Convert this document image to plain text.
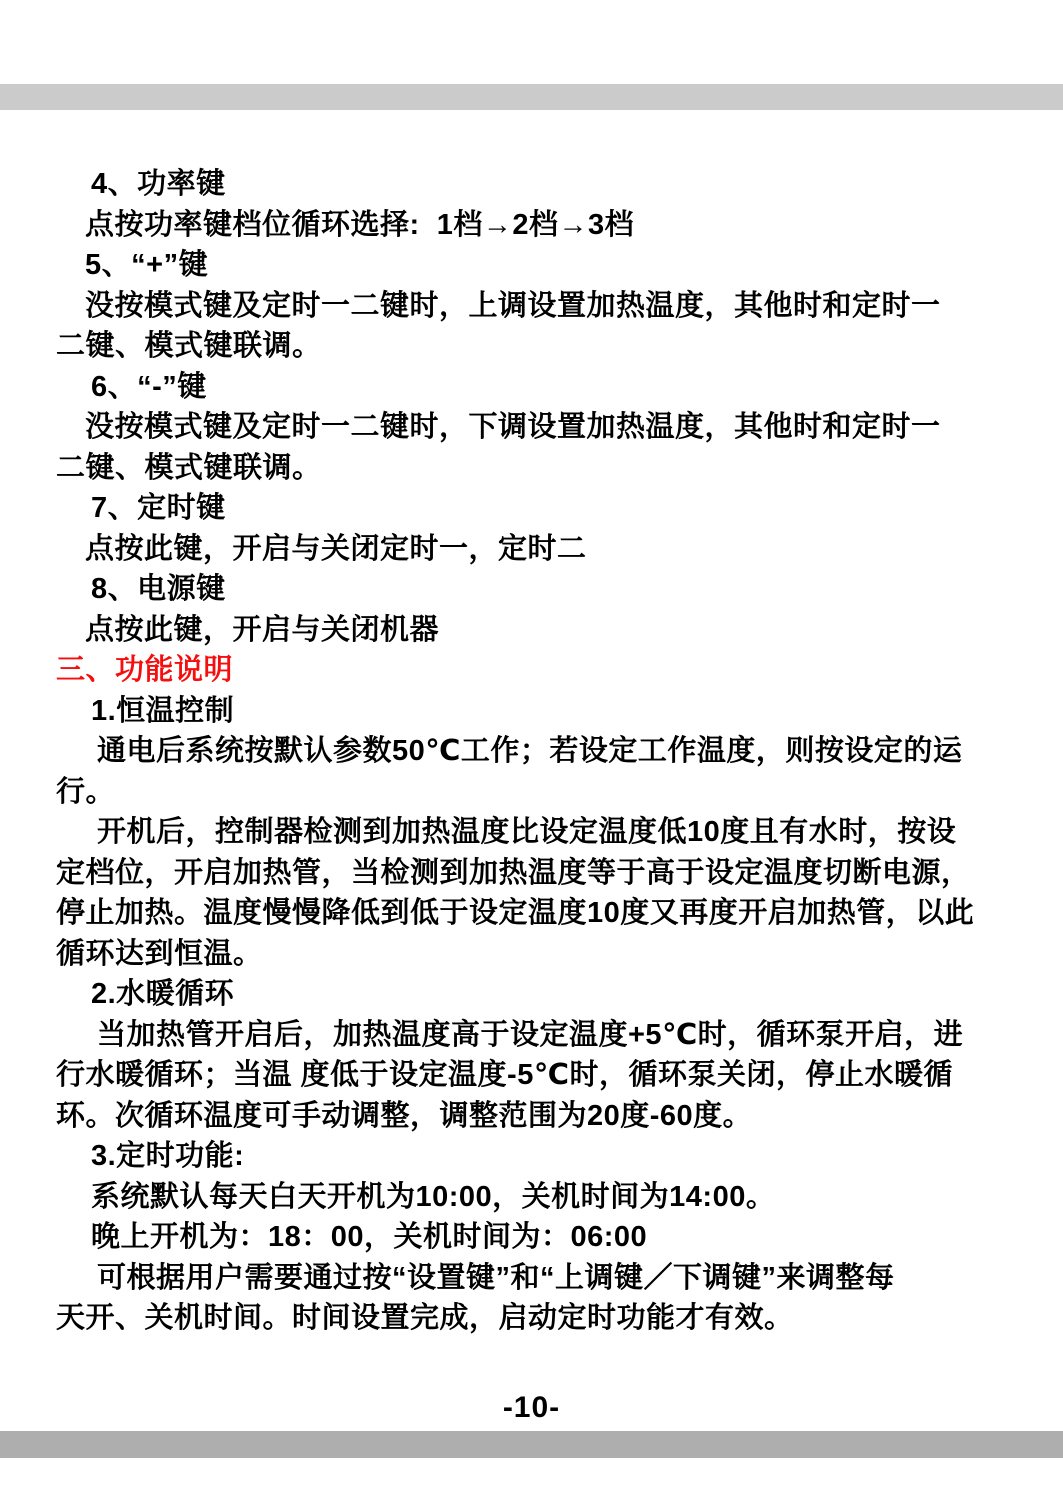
4、功率键
点按功率键档位循环选择:  1档→2档→3档
5、“+”键
没按模式键及定时一二键时，上调设置加热温度，其他时和定时一
二键、模式键联调。
6、“-”键
没按模式键及定时一二键时，下调设置加热温度，其他时和定时一
二键、模式键联调。
7、定时键
点按此键，开启与关闭定时一，定时二
8、电源键
点按此键，开启与关闭机器
三、功能说明
1.恒温控制
通电后系统按默认参数50℃工作；若设定工作温度，则按设定的运
行。
开机后，控制器检测到加热温度比设定温度低10度且有水时，按设
定档位，开启加热管，当检测到加热温度等于高于设定温度切断电源，
停止加热。温度慢慢降低到低于设定温度10度又再度开启加热管，以此
循环达到恒温。
2.水暖循环
当加热管开启后，加热温度高于设定温度+5℃时，循环泵开启，进
行水暖循环；当温 度低于设定温度-5℃时，循环泵关闭，停止水暖循
环。次循环温度可手动调整，调整范围为20度-60度。
3.定时功能:
系统默认每天白天开机为10:00，关机时间为14:00。
晚上开机为：18：00，关机时间为：06:00
可根据用户需要通过按“设置键”和“上调键／下调键”来调整每
天开、关机时间。时间设置完成，启动定时功能才有效。
-10-
